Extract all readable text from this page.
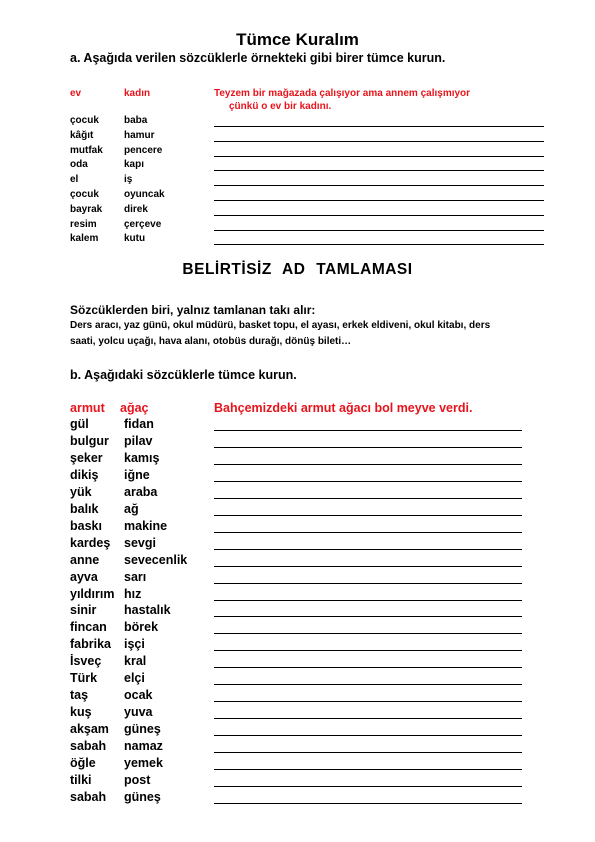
Tümce Kuralım
a. Aşağıda verilen sözcüklerle örnekteki gibi birer tümce kurun.
ev	kadın	Teyzem bir mağazada çalışıyor ama annem çalışmıyor
çünkü o ev bir kadını.
çocuk	baba
kâğıt	hamur
mutfak pencere
oda	kapı
el	iş
çocuk	oyuncak
bayrak direk
resim	çerçeve
kalem	kutu
BELİRTİSİZ AD TAMLAMASI
Sözcüklerden biri, yalnız tamlanan takı alır:
Ders aracı, yaz günü, okul müdürü, basket topu, el ayası, erkek eldiveni, okul kitabı, ders
saati, yolcu uçağı, hava alanı, otobüs durağı, dönüş bileti…
b. Aşağıdaki sözcüklerle tümce kurun.
armut ağaç	Bahçemizdeki armut ağacı bol meyve verdi.
gül	fidan
bulgur pilav
şeker kamış
dikiş iğne
yük	araba
balık ağ
baskı makine
kardeş sevgi
anne sevecenlik
ayva sarı
yıldırım hız
sinir hastalık
fincan börek
fabrika işçi
İsveç kral
Türk elçi
taş	ocak
kuş	yuva
akşam güneş
sabah namaz
öğle yemek
tilki	post
sabah güneş
